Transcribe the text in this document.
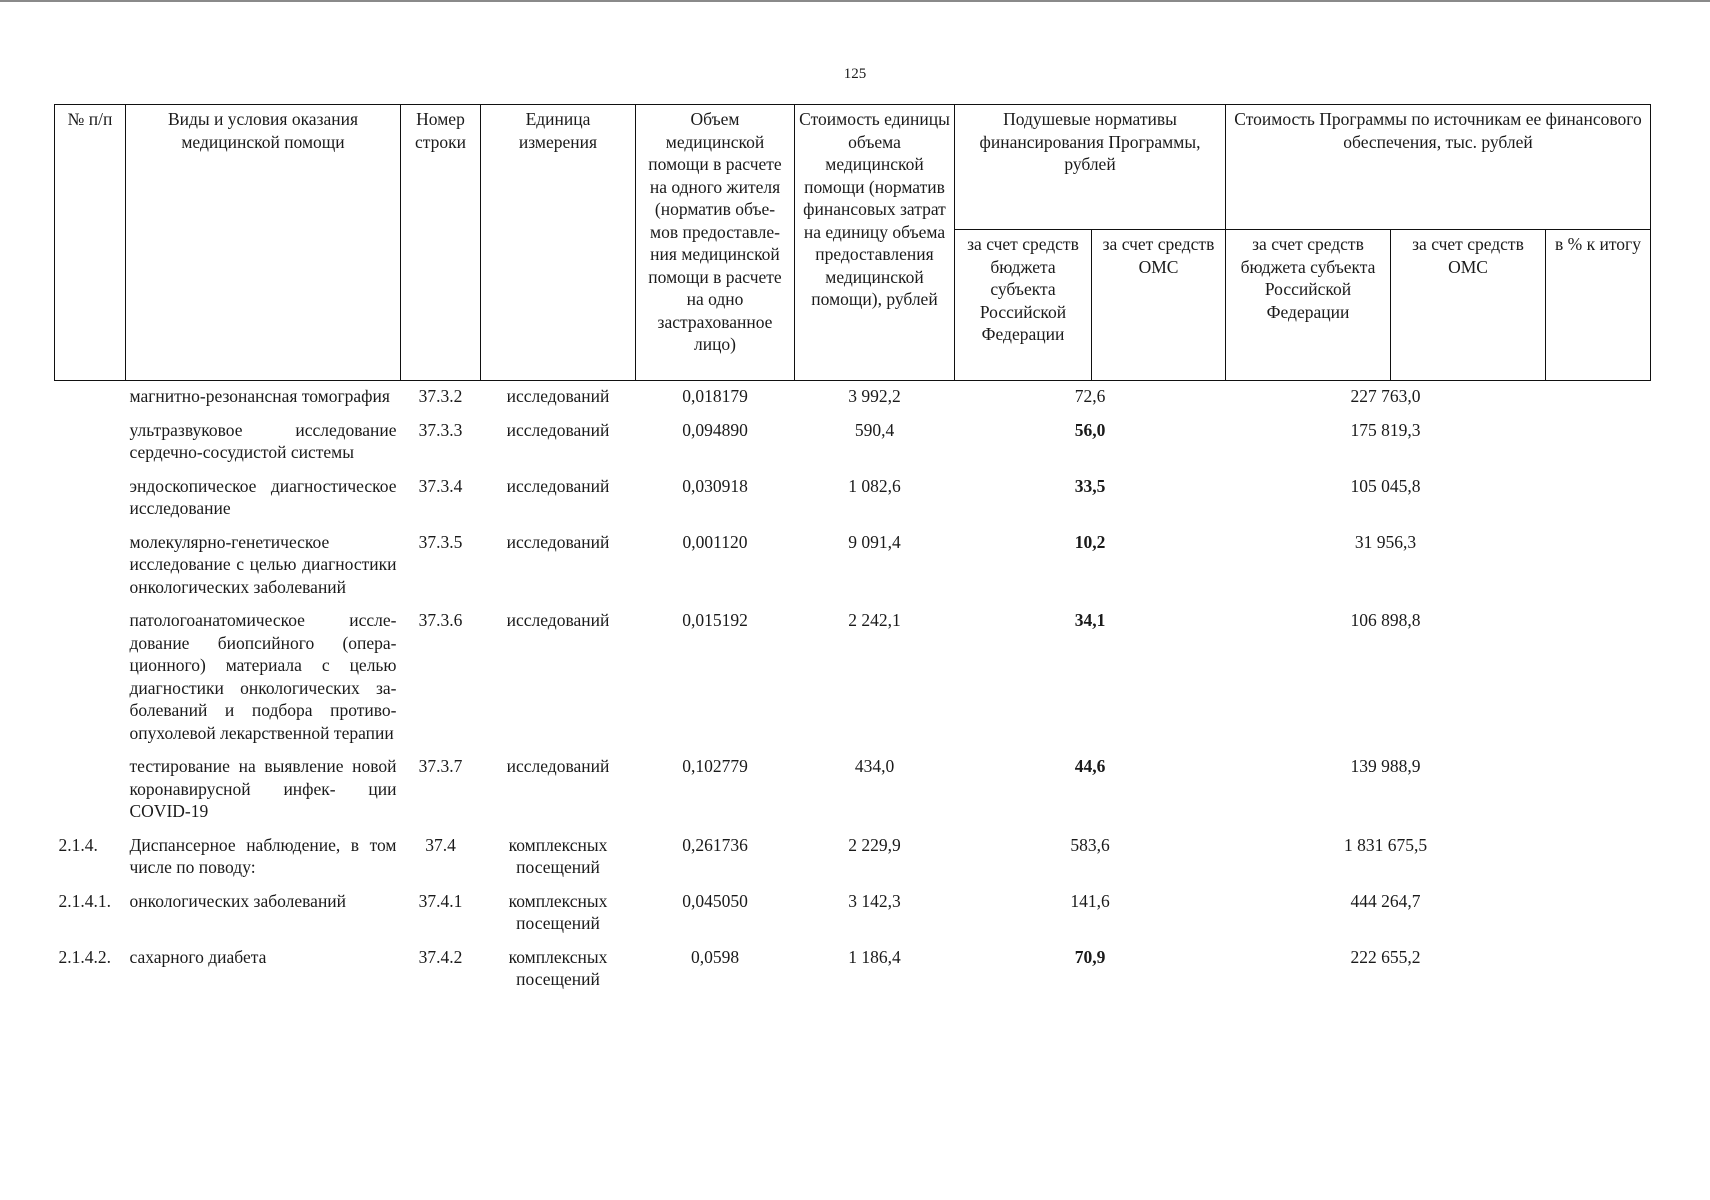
125
№ п/п	Виды и условия оказания медицинской помощи	Номер строки	Единица измерения	Объем медицинской помощи в расчете на одного жителя (норматив объе- мов предоставле- ния медицинской помощи в расчете на одно застрахованное лицо)	Стоимость единицы объема медицинской помощи (норматив финансовых затрат на единицу объема предоставления медицинской помощи), рублей	Подушевые нормативы финансирования Программы, рублей		Стоимость Программы по источникам ее финансового обеспечения, тыс. рублей		
						за счет средств бюджета субъекта Российской Федерации	за счет средств ОМС	за счет средств бюджета субъекта Российской Федерации	за счет средств ОМС	в % к итогу
	магнитно-резонансная томография	37.3.2	исследований	0,018179	3 992,2	72,6		227 763,0		
	ультразвуковое исследование сердечно-сосудистой системы	37.3.3	исследований	0,094890	590,4	56,0		175 819,3		
	эндоскопическое диагностическое исследование	37.3.4	исследований	0,030918	1 082,6	33,5		105 045,8		
	молекулярно-генетическое исследование с целью диагностики онкологических заболеваний	37.3.5	исследований	0,001120	9 091,4	10,2		31 956,3		
	патологоанатомическое иссле- дование биопсийного (опера- ционного) материала с целью диагностики онкологических за- болеваний и подбора противо- опухолевой лекарственной терапии	37.3.6	исследований	0,015192	2 242,1	34,1		106 898,8		
	тестирование на выявление новой коронавирусной инфек- ции COVID-19	37.3.7	исследований	0,102779	434,0	44,6		139 988,9		
2.1.4.	Диспансерное наблюдение, в том числе по поводу:	37.4	комплексных посещений	0,261736	2 229,9	583,6		1 831 675,5		
2.1.4.1.	онкологических заболеваний	37.4.1	комплексных посещений	0,045050	3 142,3	141,6		444 264,7		
2.1.4.2.	сахарного диабета	37.4.2	комплексных посещений	0,0598	1 186,4	70,9		222 655,2		
